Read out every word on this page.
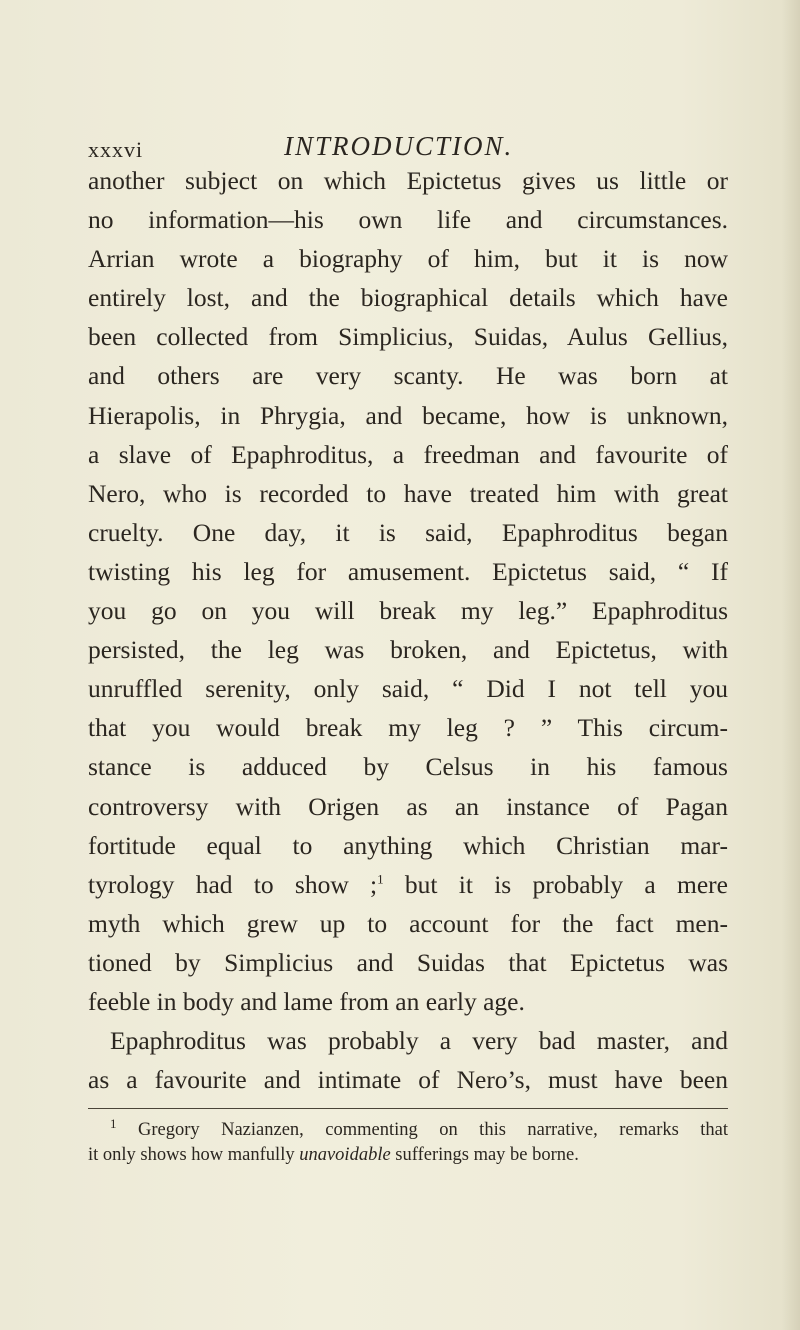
xxxvi	INTRODUCTION.
another subject on which Epictetus gives us little or
no information—his own life and circumstances.
Arrian wrote a biography of him, but it is now
entirely lost, and the biographical details which have
been collected from Simplicius, Suidas, Aulus Gellius,
and others are very scanty. He was born at
Hierapolis, in Phrygia, and became, how is unknown,
a slave of Epaphroditus, a freedman and favourite of
Nero, who is recorded to have treated him with great
cruelty. One day, it is said, Epaphroditus began
twisting his leg for amusement. Epictetus said, “ If
you go on you will break my leg.” Epaphroditus
persisted, the leg was broken, and Epictetus, with
unruffled serenity, only said, “ Did I not tell you
that you would break my leg ? ” This circum-
stance is adduced by Celsus in his famous
controversy with Origen as an instance of Pagan
fortitude equal to anything which Christian mar-
tyrology had to show ;$^1$ but it is probably a mere
myth which grew up to account for the fact men-
tioned by Simplicius and Suidas that Epictetus was
feeble in body and lame from an early age.
Epaphroditus was probably a very bad master, and
as a favourite and intimate of Nero’s, must have been
$^1$ Gregory Nazianzen, commenting on this narrative, remarks that
it only shows how manfully unavoidable sufferings may be borne.
